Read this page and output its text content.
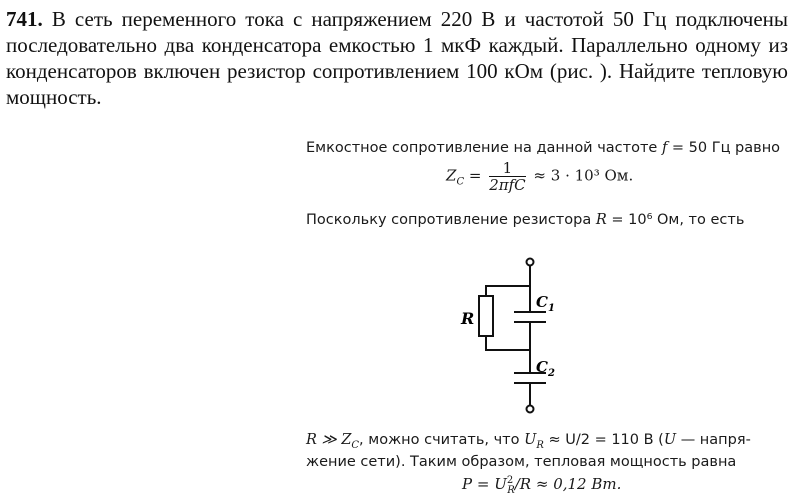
741. В сеть переменного тока с напряжением 220 В и частотой 50 Гц подключены последовательно два конденсатора емкостью 1 мкФ каждый. Параллельно одному из конденсаторов включен резистор сопротивлением 100 кОм (рис. ). Найдите тепловую мощность.
Емкостное сопротивление на данной частоте f = 50 Гц равно
$Z_C = \frac{1}{\text{2πfC}} \approx 3 \cdot 10^3$ Ом.
Поскольку сопротивление резистора R = 10⁶ Ом, то есть
R ≫ $Z_C$, можно считать, что $U_R \approx U/2 = 110$ В (U — напря-
жение сети). Таким образом, тепловая мощность равна
$P = U^2_R/R \approx 0,12$ Вт.
R
$C_1$
$C_2$
